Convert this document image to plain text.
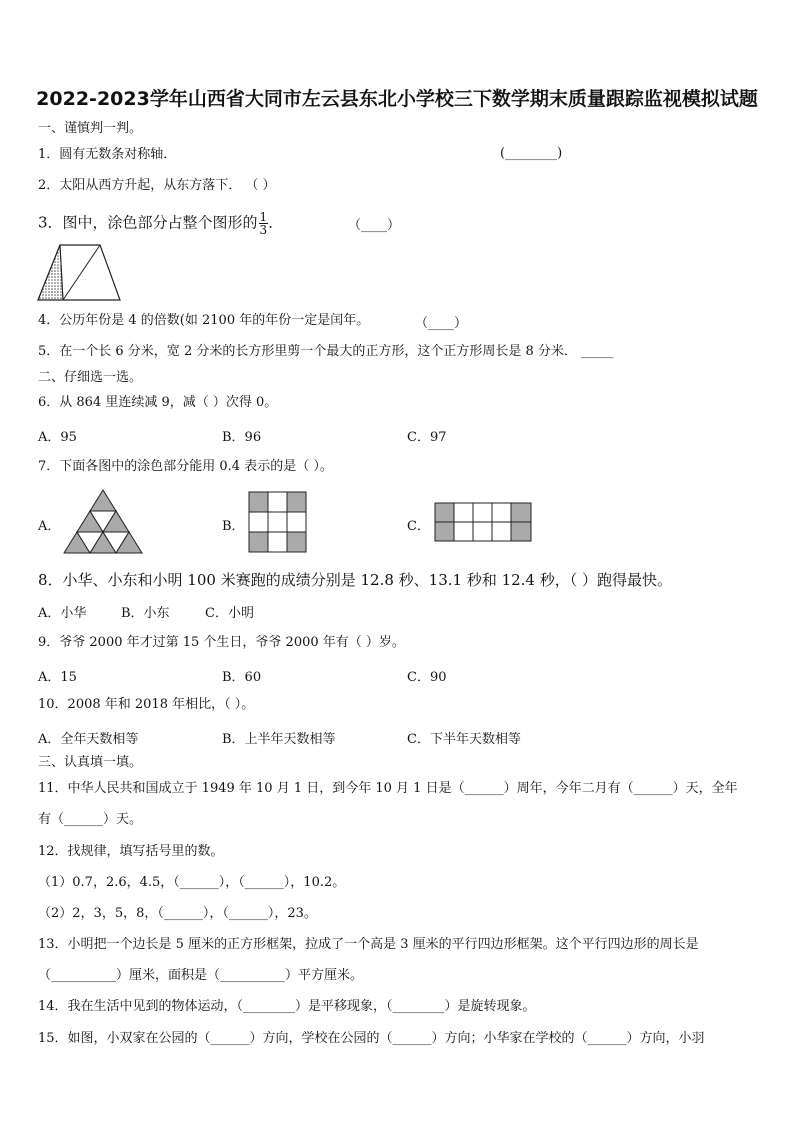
2022-2023学年山西省大同市左云县东北小学校三下数学期末质量跟踪监视模拟试题
一、谨慎判一判。
1．圆有无数条对称轴．	(________)
2．太阳从西方升起，从东方落下． （ ）
3．图中，涂色部分占整个图形的 $\frac{1}{3}$ ．	（____）
4．公历年份是 4 的倍数(如 2100 年的年份一定是闰年。	（____）
5．在一个长 6 分米，宽 2 分米的长方形里剪一个最大的正方形，这个正方形周长是 8 分米． _____
二、仔细选一选。
6．从 864 里连续减 9，减（ ）次得 0。
A．95	B．96	C．97
7．下面各图中的涂色部分能用 0.4 表示的是（ ）。
A．	B．	C．
8．小华、小东和小明 100 米赛跑的成绩分别是 12.8 秒、13.1 秒和 12.4 秒，（ ）跑得最快。
A．小华	B．小东	C．小明
9．爷爷 2000 年才过第 15 个生日，爷爷 2000 年有（ ）岁。
A．15	B．60	C．90
10．2008 年和 2018 年相比，（ ）。
A．全年天数相等	B．上半年天数相等	C．下半年天数相等
三、认真填一填。
11．中华人民共和国成立于 1949 年 10 月 1 日，到今年 10 月 1 日是（______）周年，今年二月有（______）天，全年
有（______）天。
12．找规律，填写括号里的数。
（1）0.7，2.6，4.5，（______），（______），10.2。
（2）2，3，5，8，（______），（______），23。
13．小明把一个边长是 5 厘米的正方形框架，拉成了一个高是 3 厘米的平行四边形框架。这个平行四边形的周长是
（__________）厘米，面积是（__________）平方厘米。
14．我在生活中见到的物体运动，（________）是平移现象，（________）是旋转现象。
15．如图，小双家在公园的（______）方向，学校在公园的（______）方向；小华家在学校的（______）方向，小羽
